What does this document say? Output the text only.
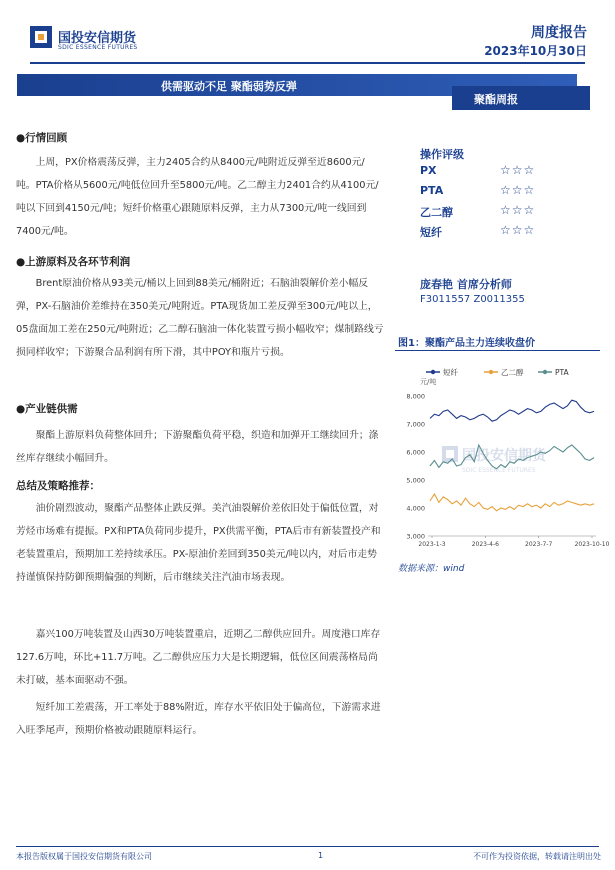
国投安信期货
SDIC ESSENCE FUTURES
周度报告
2023年10月30日
供需驱动不足 聚酯弱势反弹
聚酯周报
●行情回顾

上周，PX价格震荡反弹，主力2405合约从8400元/吨附近反弹至近8600元/吨。PTA价格从5600元/吨低位回升至5800元/吨。乙二醇主力2401合约从4100元/吨以下回到4150元/吨；短纤价格重心跟随原料反弹，主力从7300元/吨一线回到7400元/吨。

●上游原料及各环节利润

Brent原油价格从93美元/桶以上回到88美元/桶附近；石脑油裂解价差小幅反弹，PX-石脑油价差维持在350美元/吨附近。PTA现货加工差反弹至300元/吨以上，05盘面加工差在250元/吨附近；乙二醇石脑油一体化装置亏损小幅收窄；煤制路线亏损同样收窄；下游聚合品利润有所下滑，其中POY和瓶片亏损。

●产业链供需

聚酯上游原料负荷整体回升；下游聚酯负荷平稳，织造和加弹开工继续回升；涤丝库存继续小幅回升。

总结及策略推荐：

油价剧烈波动，聚酯产品整体止跌反弹。美汽油裂解价差依旧处于偏低位置，对芳烃市场难有提振。PX和PTA负荷同步提升，PX供需平衡，PTA后市有新装置投产和老装置重启，预期加工差持续承压。PX-原油价差回到350美元/吨以内，对后市走势持谨慎保持防御预期偏强的判断，后市继续关注汽油市场表现。

嘉兴100万吨装置及山西30万吨装置重启，近期乙二醇供应回升。周度港口库存127.6万吨，环比+11.7万吨。乙二醇供应压力大是长期逻辑，低位区间震荡格局尚未打破，基本面驱动不强。

短纤加工差震荡，开工率处于88%附近，库存水平依旧处于偏高位，下游需求进入旺季尾声，预期价格被动跟随原料运行。

操作评级
PX	☆☆☆
PTA	☆☆☆
乙二醇	☆☆☆
短纤	☆☆☆
庞春艳 首席分析师
F3011557 Z0011355
图1：聚酯产品主力连续收盘价
短纤	乙二醇	PTA
元/吨
国投安信期货
SDIC ESSENCE FUTURES
3,000
4,000
5,000
6,000
7,000
8,000
2023-1-3	2023-4-6	2023-7-7	2023-10-10
数据来源：wind
本报告版权属于国投安信期货有限公司	1	不可作为投资依据，转载请注明出处
